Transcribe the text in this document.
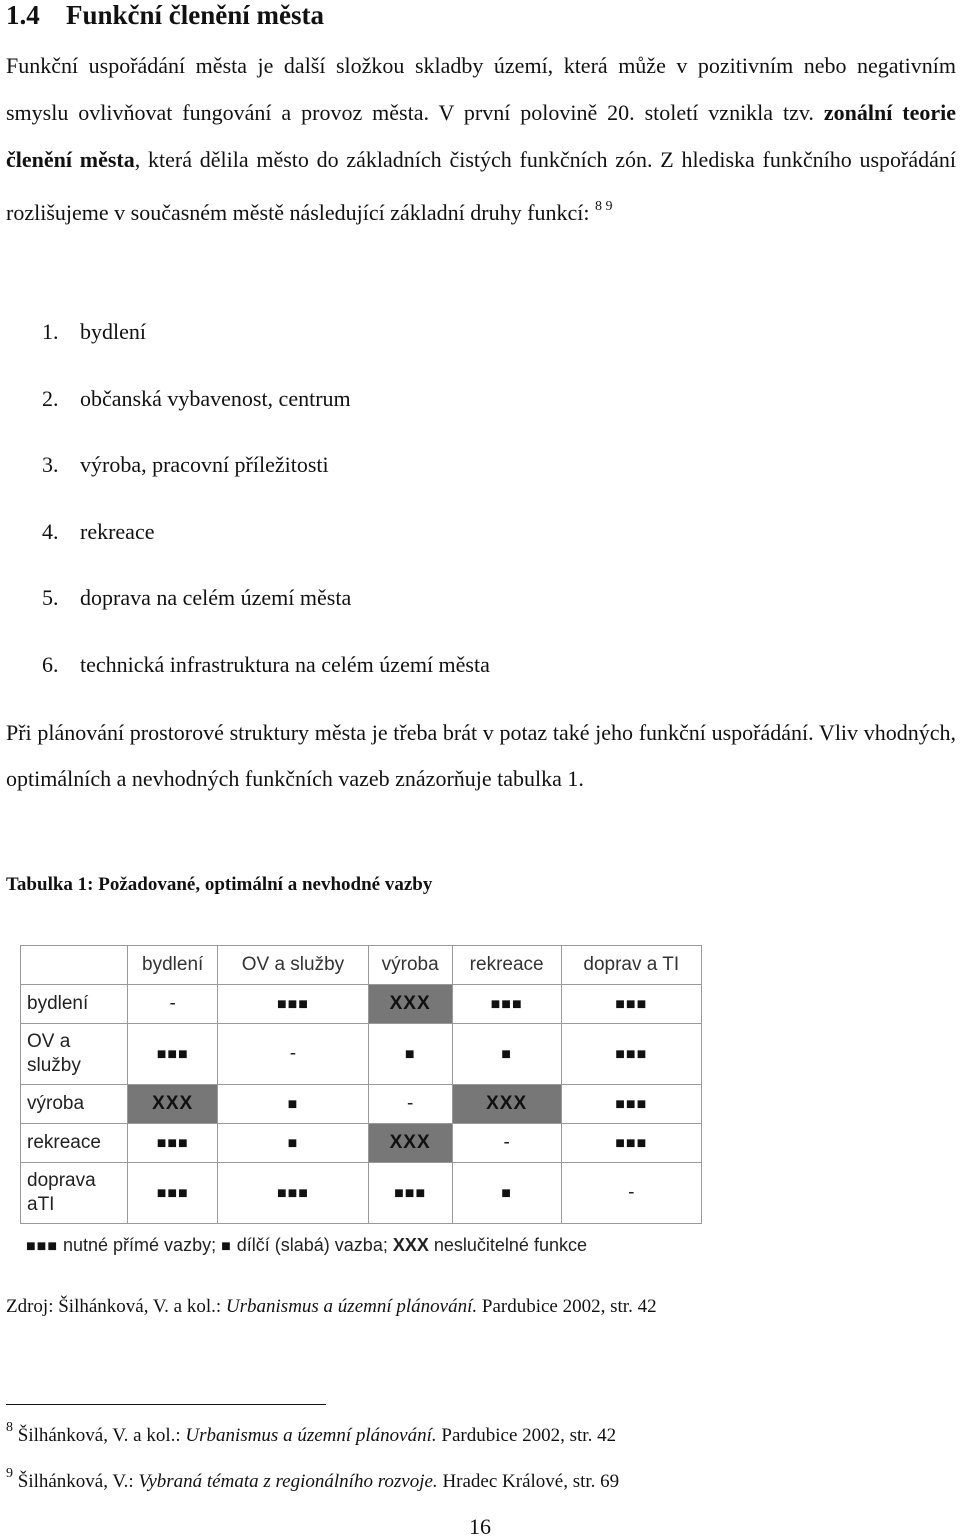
1.4 Funkční členění města
Funkční uspořádání města je další složkou skladby území, která může v pozitivním nebo negativním smyslu ovlivňovat fungování a provoz města. V první polovině 20. století vznikla tzv. zonální teorie členění města, která dělila město do základních čistých funkčních zón. Z hlediska funkčního uspořádání rozlišujeme v současném městě následující základní druhy funkcí: $^{8 9}$
1. bydlení
2. občanská vybavenost, centrum
3. výroba, pracovní příležitosti
4. rekreace
5. doprava na celém území města
6. technická infrastruktura na celém území města
Při plánování prostorové struktury města je třeba brát v potaz také jeho funkční uspořádání. Vliv vhodných, optimálních a nevhodných funkčních vazeb znázorňuje tabulka 1.
Tabulka 1: Požadované, optimální a nevhodné vazby
	bydlení	OV a služby	výroba	rekreace	doprav a TI
bydlení	-	■■■	XXX	■■■	■■■
OV a služby	■■■	-	■	■	■■■
výroba	XXX	■	-	XXX	■■■
rekreace	■■■	■	XXX	-	■■■
doprava aTI	■■■	■■■	■■■	■	-
■■■ nutné přímé vazby; ■ dílčí (slabá) vazba; XXX neslučitelné funkce
Zdroj: Šilhánková, V. a kol.: Urbanismus a územní plánování. Pardubice 2002, str. 42
$^8$ Šilhánková, V. a kol.: Urbanismus a územní plánování. Pardubice 2002, str. 42
$^9$ Šilhánková, V.: Vybraná témata z regionálního rozvoje. Hradec Králové, str. 69
16
